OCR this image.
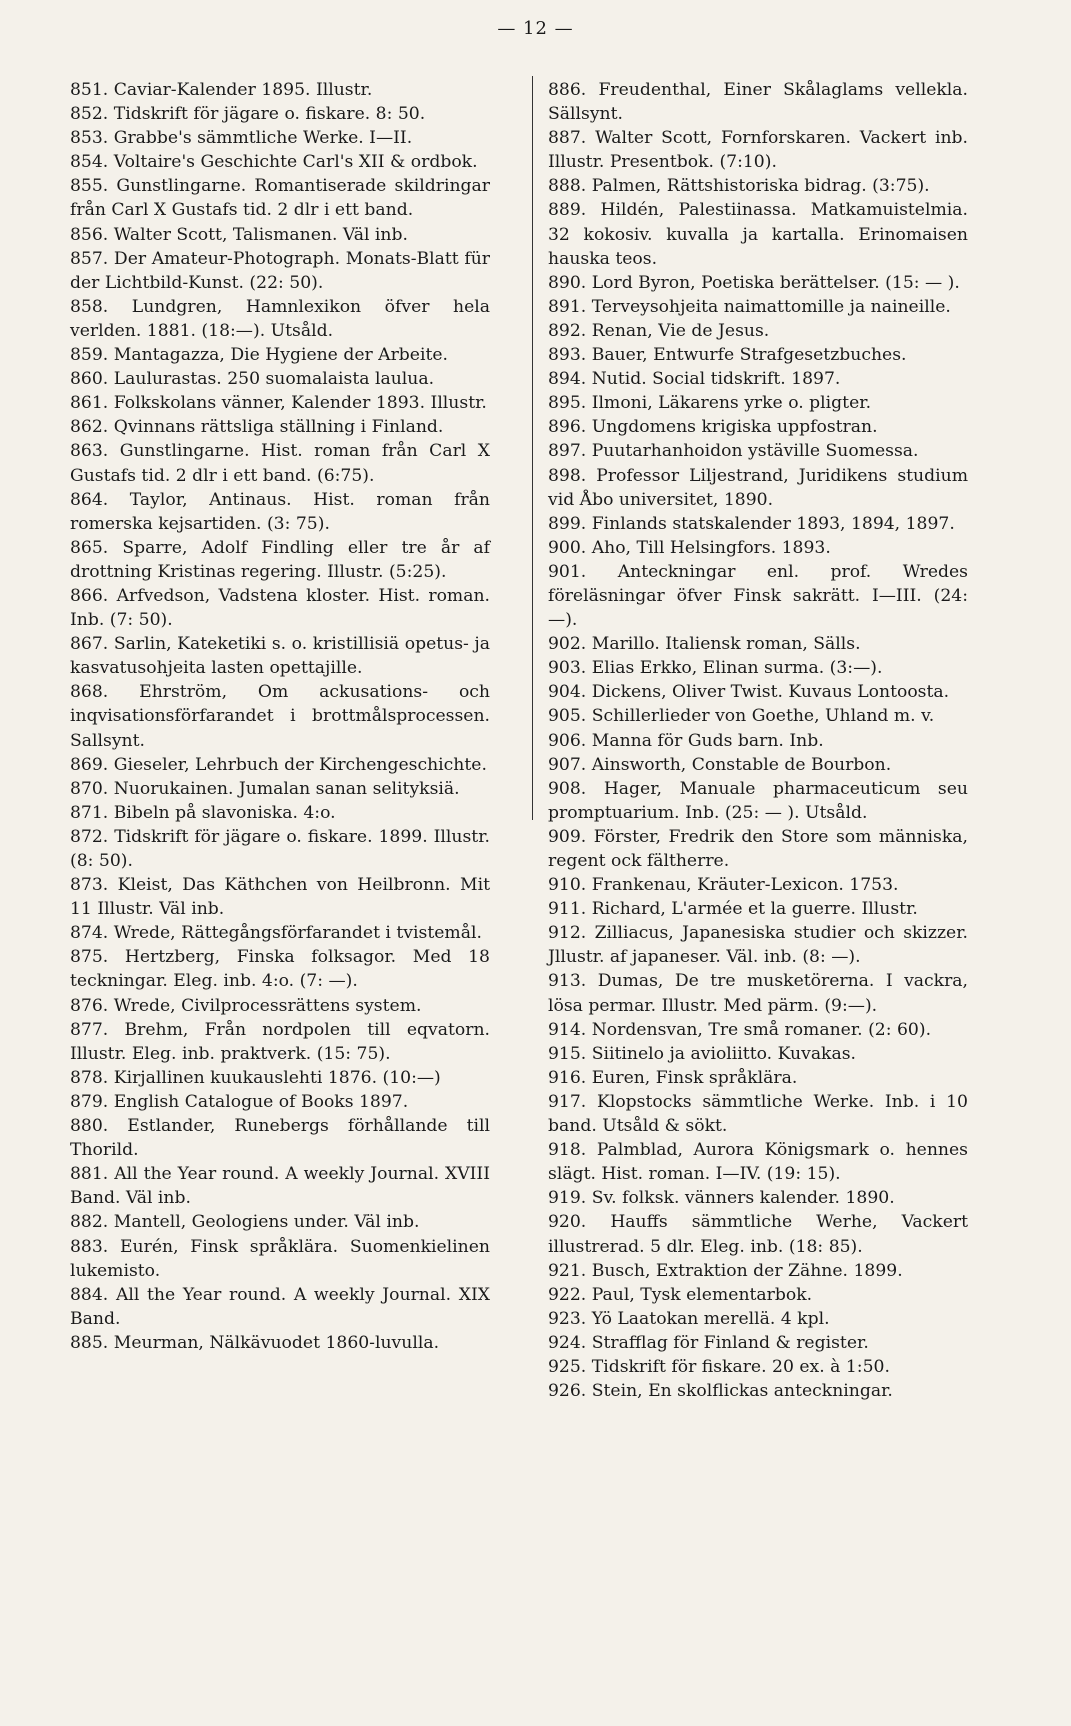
— 12 —

851. Caviar-Kalender 1895. Illustr.

852. Tidskrift för jägare o. fiskare. 8: 50.

853. Grabbe's sämmtliche Werke. I—II.

854. Voltaire's Geschichte Carl's XII & ordbok.

855. Gunstlingarne. Romantiserade skildringar från Carl X Gustafs tid. 2 dlr i ett band.

856. Walter Scott, Talismanen. Väl inb.

857. Der Amateur-Photograph. Monats-Blatt für der Lichtbild-Kunst. (22: 50).

858. Lundgren, Hamnlexikon öfver hela verlden. 1881. (18:—). Utsåld.

859. Mantagazza, Die Hygiene der Arbeite.

860. Laulurastas. 250 suomalaista laulua.

861. Folkskolans vänner, Kalender 1893. Illustr.

862. Qvinnans rättsliga ställning i Finland.

863. Gunstlingarne. Hist. roman från Carl X Gustafs tid. 2 dlr i ett band. (6:75).

864. Taylor, Antinaus. Hist. roman från romerska kejsartiden. (3: 75).

865. Sparre, Adolf Findling eller tre år af drottning Kristinas regering. Illustr. (5:25).

866. Arfvedson, Vadstena kloster. Hist. roman. Inb. (7: 50).

867. Sarlin, Kateketiki s. o. kristillisiä opetus- ja kasvatusohjeita lasten opettajille.

868. Ehrström, Om ackusations- och inqvisationsförfarandet i brottmålsprocessen. Sallsynt.

869. Gieseler, Lehrbuch der Kirchengeschichte.

870. Nuorukainen. Jumalan sanan selityksiä.

871. Bibeln på slavoniska. 4:o.

872. Tidskrift för jägare o. fiskare. 1899. Illustr. (8: 50).

873. Kleist, Das Käthchen von Heilbronn. Mit 11 Illustr. Väl inb.

874. Wrede, Rättegångsförfarandet i tvistemål.

875. Hertzberg, Finska folksagor. Med 18 teckningar. Eleg. inb. 4:o. (7: —).

876. Wrede, Civilprocessrättens system.

877. Brehm, Från nordpolen till eqvatorn. Illustr. Eleg. inb. praktverk. (15: 75).

878. Kirjallinen kuukauslehti 1876. (10:—)

879. English Catalogue of Books 1897.

880. Estlander, Runebergs förhållande till Thorild.

881. All the Year round. A weekly Journal. XVIII Band. Väl inb.

882. Mantell, Geologiens under. Väl inb.

883. Eurén, Finsk språklära. Suomenkielinen lukemisto.

884. All the Year round. A weekly Journal. XIX Band.

885. Meurman, Nälkävuodet 1860-luvulla.

886. Freudenthal, Einer Skålaglams vellekla. Sällsynt.

887. Walter Scott, Fornforskaren. Vackert inb. Illustr. Presentbok. (7:10).

888. Palmen, Rättshistoriska bidrag. (3:75).

889. Hildén, Palestiinassa. Matkamuistelmia. 32 kokosiv. kuvalla ja kartalla. Erinomaisen hauska teos.

890. Lord Byron, Poetiska berättelser. (15: — ).

891. Terveysohjeita naimattomille ja naineille.

892. Renan, Vie de Jesus.

893. Bauer, Entwurfe Strafgesetzbuches.

894. Nutid. Social tidskrift. 1897.

895. Ilmoni, Läkarens yrke o. pligter.

896. Ungdomens krigiska uppfostran.

897. Puutarhanhoidon ystäville Suomessa.

898. Professor Liljestrand, Juridikens studium vid Åbo universitet, 1890.

899. Finlands statskalender 1893, 1894, 1897.

900. Aho, Till Helsingfors. 1893.

901. Anteckningar enl. prof. Wredes föreläsningar öfver Finsk sakrätt. I—III. (24: —).

902. Marillo. Italiensk roman, Sälls.

903. Elias Erkko, Elinan surma. (3:—).

904. Dickens, Oliver Twist. Kuvaus Lontoosta.

905. Schillerlieder von Goethe, Uhland m. v.

906. Manna för Guds barn. Inb.

907. Ainsworth, Constable de Bourbon.

908. Hager, Manuale pharmaceuticum seu promptuarium. Inb. (25: — ). Utsåld.

909. Förster, Fredrik den Store som människa, regent ock fältherre.

910. Frankenau, Kräuter-Lexicon. 1753.

911. Richard, L'armée et la guerre. Illustr.

912. Zilliacus, Japanesiska studier och skizzer. Jllustr. af japaneser. Väl. inb. (8: —).

913. Dumas, De tre musketörerna. I vackra, lösa permar. Illustr. Med pärm. (9:—).

914. Nordensvan, Tre små romaner. (2: 60).

915. Siitinelo ja avioliitto. Kuvakas.

916. Euren, Finsk språklära.

917. Klopstocks sämmtliche Werke. Inb. i 10 band. Utsåld & sökt.

918. Palmblad, Aurora Königsmark o. hennes slägt. Hist. roman. I—IV. (19: 15).

919. Sv. folksk. vänners kalender. 1890.

920. Hauffs sämmtliche Werhe, Vackert illustrerad. 5 dlr. Eleg. inb. (18: 85).

921. Busch, Extraktion der Zähne. 1899.

922. Paul, Tysk elementarbok.

923. Yö Laatokan merellä. 4 kpl.

924. Strafflag för Finland & register.

925. Tidskrift för fiskare. 20 ex. à 1:50.

926. Stein, En skolflickas anteckningar.
